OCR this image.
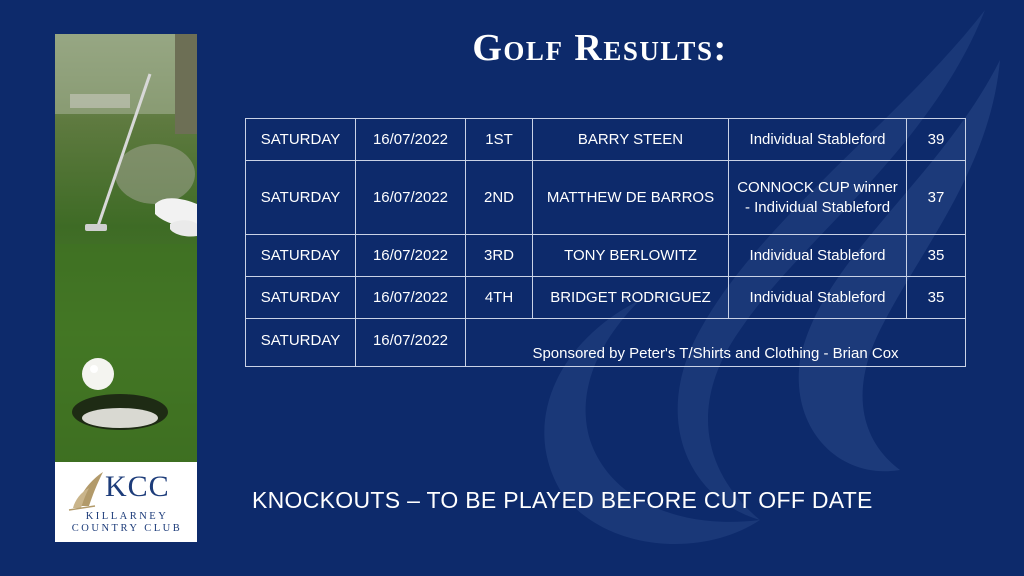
KCC
KILLARNEY
COUNTRY CLUB
Golf Results:
SATURDAY	16/07/2022	1ST	BARRY STEEN	Individual Stableford	39
SATURDAY	16/07/2022	2ND	MATTHEW DE BARROS	CONNOCK CUP winner - Individual Stableford	37
SATURDAY	16/07/2022	3RD	TONY BERLOWITZ	Individual Stableford	35
SATURDAY	16/07/2022	4TH	BRIDGET RODRIGUEZ	Individual Stableford	35
SATURDAY	16/07/2022	Sponsored by Peter's T/Shirts and Clothing - Brian Cox			
KNOCKOUTS – TO BE PLAYED BEFORE CUT OFF DATE
